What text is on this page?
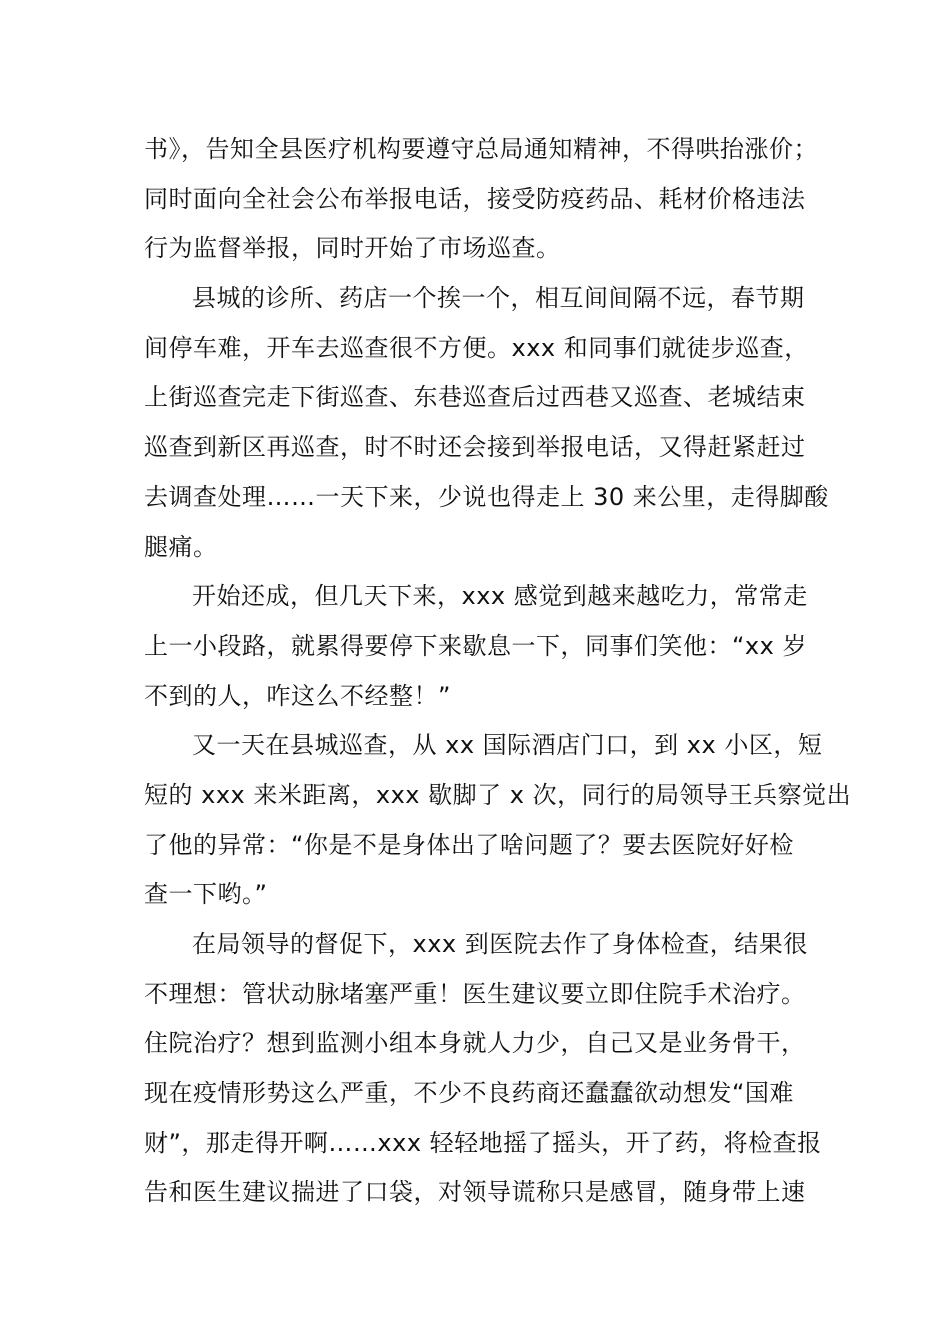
书》，告知全县医疗机构要遵守总局通知精神，不得哄抬涨价；
同时面向全社会公布举报电话，接受防疫药品、耗材价格违法
行为监督举报，同时开始了市场巡查。
县城的诊所、药店一个挨一个，相互间间隔不远，春节期
间停车难，开车去巡查很不方便。xxx 和同事们就徒步巡查，
上街巡查完走下街巡查、东巷巡查后过西巷又巡查、老城结束
巡查到新区再巡查，时不时还会接到举报电话，又得赶紧赶过
去调查处理……一天下来，少说也得走上 30 来公里，走得脚酸
腿痛。
开始还成，但几天下来，xxx 感觉到越来越吃力，常常走
上一小段路，就累得要停下来歇息一下，同事们笑他：“xx 岁
不到的人，咋这么不经整！”
又一天在县城巡查，从 xx 国际酒店门口，到 xx 小区，短
短的 xxx 来米距离，xxx 歇脚了 x 次，同行的局领导王兵察觉出
了他的异常：“你是不是身体出了啥问题了？要去医院好好检
查一下哟。”
在局领导的督促下，xxx 到医院去作了身体检查，结果很
不理想：管状动脉堵塞严重！医生建议要立即住院手术治疗。
住院治疗？想到监测小组本身就人力少，自己又是业务骨干，
现在疫情形势这么严重，不少不良药商还蠢蠢欲动想发“国难
财”，那走得开啊……xxx 轻轻地摇了摇头，开了药，将检查报
告和医生建议揣进了口袋，对领导谎称只是感冒，随身带上速
